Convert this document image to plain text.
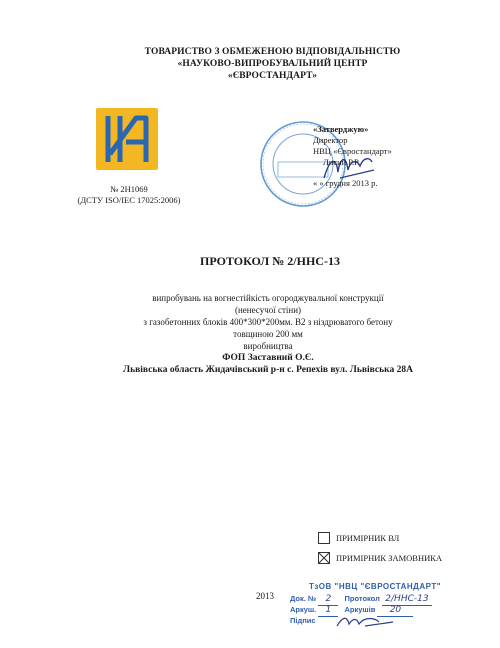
ТОВАРИСТВО З ОБМЕЖЕНОЮ ВІДПОВІДАЛЬНІСТЮ
«НАУКОВО-ВИПРОБУВАЛЬНИЙ ЦЕНТР
«ЄВРОСТАНДАРТ»
№ 2Н1069
(ДСТУ ISO/IEC 17025:2006)
«Затверджую»
Директор
НВЦ «Євростандарт»
Лисий Р.Р.
« » грудня 2013 р.
ПРОТОКОЛ № 2/ННС-13
випробувань на вогнестійкість огороджувальної конструкції
(ненесучої стіни)
з газобетонних блоків 400*300*200мм. В2 з ніздрюватого бетону
товщиною 200 мм
виробництва
ФОП Заставний О.Є.
Львівська область Жидачівський р-н с. Репехів вул. Львівська 28А
ПРИМІРНИК ВЛ
ПРИМІРНИК ЗАМОВНИКА
2013
ТзОВ "НВЦ "ЄВРОСТАНДАРТ"
Док. № 2 Протокол 2/ННС-13
Аркуш. 1 Аркушів 20
Підпис
